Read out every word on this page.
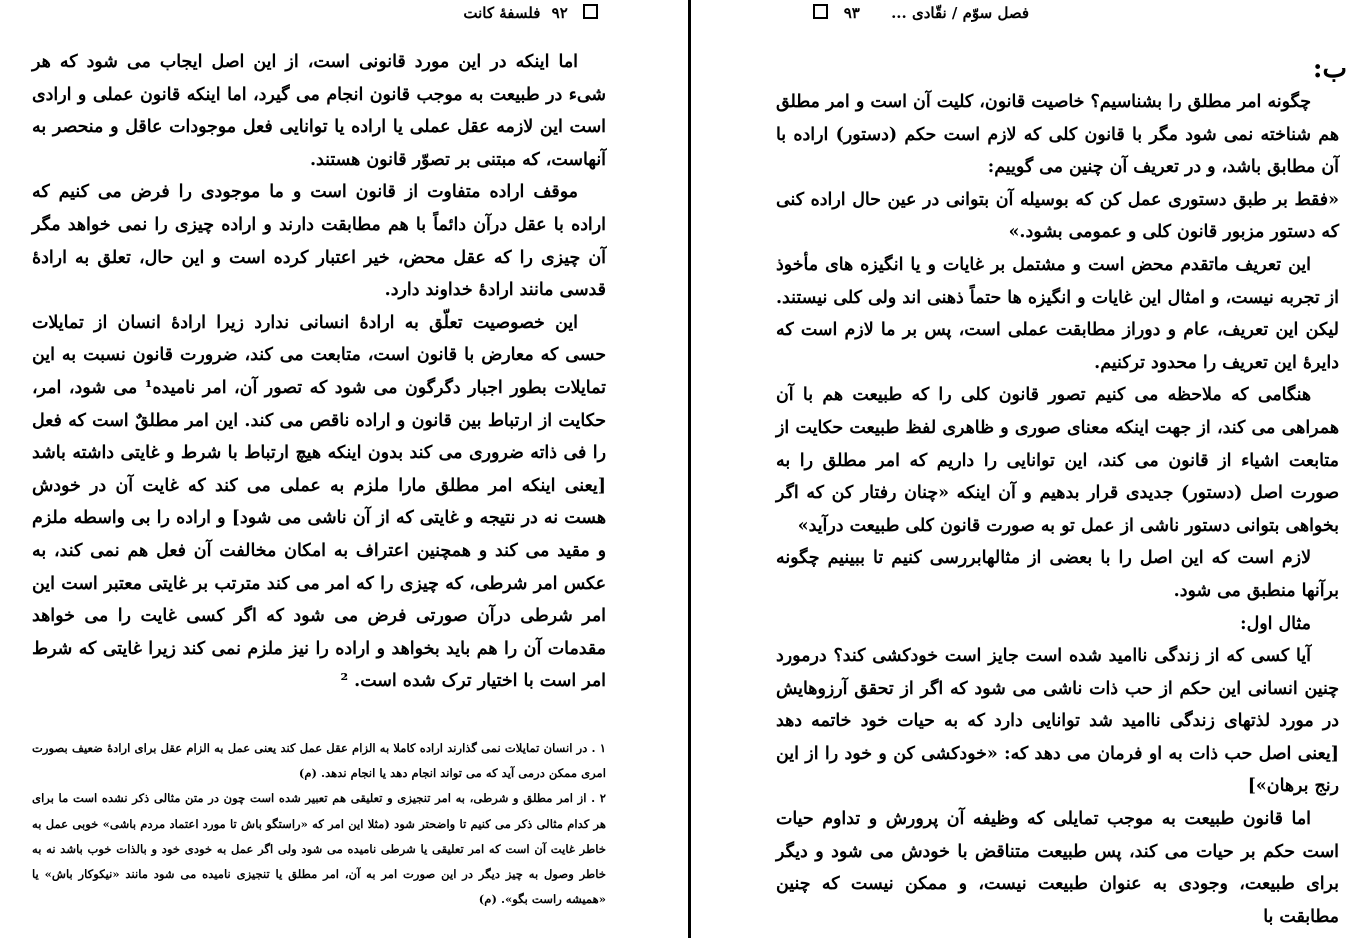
۹۲ فلسفهٔ کانت

اما اینکه در این مورد قانونی است، از این اصل ایجاب می شود که هر شیء در طبیعت به موجب قانون انجام می گیرد، اما اینکه قانون عملی و ارادی است این لازمه عقل عملی یا اراده یا توانایی فعل موجودات عاقل و منحصر به آنهاست، که مبتنی بر تصوّر قانون هستند.

موقف اراده متفاوت از قانون است و ما موجودی را فرض می کنیم که اراده با عقل درآن دائماً با هم مطابقت دارند و اراده چیزی را نمی خواهد مگر آن چیزی را که عقل محض، خیر اعتبار کرده است و این حال، تعلق به ارادهٔ قدسی مانند ارادهٔ خداوند دارد.

این خصوصیت تعلّق به ارادهٔ انسانی ندارد زیرا ارادهٔ انسان از تمایلات حسی که معارض با قانون است، متابعت می کند، ضرورت قانون نسبت به این تمایلات بطور اجبار دگرگون می شود که تصور آن، امر نامیده¹ می شود، امر، حکایت از ارتباط بین قانون و اراده ناقص می کند. این امر مطلقٌ است که فعل را فی ذاته ضروری می کند بدون اینکه هیچ ارتباط با شرط و غایتی داشته باشد [یعنی اینکه امر مطلق مارا ملزم به عملی می کند که غایت آن در خودش هست نه در نتیجه و غایتی که از آن ناشی می شود] و اراده را بی واسطه ملزم و مقید می کند و همچنین اعتراف به امکان مخالفت آن فعل هم نمی کند، به عکس امر شرطی، که چیزی را که امر می کند مترتب بر غایتی معتبر است این امر شرطی درآن صورتی فرض می شود که اگر کسی غایت را می خواهد مقدمات آن را هم باید بخواهد و اراده را نیز ملزم نمی کند زیرا غایتی که شرط امر است با اختیار ترک شده است. ²

۱ . در انسان تمایلات نمی گذارند اراده کاملا به الزام عقل عمل کند یعنی عمل به الزام عقل برای ارادهٔ ضعیف بصورت امری ممکن درمی آید که می تواند انجام دهد یا انجام ندهد. (م)

۲ . از امر مطلق و شرطی، به امر تنجیزی و تعلیقی هم تعبیر شده است چون در متن مثالی ذکر نشده است ما برای هر کدام مثالی ذکر می کنیم تا واضحتر شود (مثلا این امر که «راستگو باش تا مورد اعتماد مردم باشی» خوبی عمل به خاطر غایت آن است که امر تعلیقی یا شرطی نامیده می شود ولی اگر عمل به خودی خود و بالذات خوب باشد نه به خاطر وصول به چیز دیگر در این صورت امر به آن، امر مطلق یا تنجیزی نامیده می شود مانند «نیکوکار باش» یا «همیشه راست بگو». (م)

فصل سوّم / نقّادی ... ۹۳
ب:

چگونه امر مطلق را بشناسیم؟ خاصیت قانون، کلیت آن است و امر مطلق هم شناخته نمی شود مگر با قانون کلی که لازم است حکم (دستور) اراده با آن مطابق باشد، و در تعریف آن چنین می گوییم:

«فقط بر طبق دستوری عمل کن که بوسیله آن بتوانی در عین حال اراده کنی که دستور مزبور قانون کلی و عمومی بشود.»

این تعریف ماتقدم محض است و مشتمل بر غایات و یا انگیزه های مأخوذ از تجربه نیست، و امثال این غایات و انگیزه ها حتماً ذهنی اند ولی کلی نیستند. لیکن این تعریف، عام و دوراز مطابقت عملی است، پس بر ما لازم است که دایرهٔ این تعریف را محدود ترکنیم.

هنگامی که ملاحظه می کنیم تصور قانون کلی را که طبیعت هم با آن همراهی می کند، از جهت اینکه معنای صوری و ظاهری لفظ طبیعت حکایت از متابعت اشیاء از قانون می کند، این توانایی را داریم که امر مطلق را به صورت اصل (دستور) جدیدی قرار بدهیم و آن اینکه «چنان رفتار کن که اگر بخواهی بتوانی دستور ناشی از عمل تو به صورت قانون کلی طبیعت درآید»

لازم است که این اصل را با بعضی از مثالهابررسی کنیم تا ببینیم چگونه برآنها منطبق می شود.

مثال اول:

آیا کسی که از زندگی ناامید شده است جایز است خودکشی کند؟ درمورد چنین انسانی این حکم از حب ذات ناشی می شود که اگر از تحقق آرزوهایش در مورد لذتهای زندگی ناامید شد توانایی دارد که به حیات خود خاتمه دهد [یعنی اصل حب ذات به او فرمان می دهد که: «خودکشی کن و خود را از این رنج برهان»]

اما قانون طبیعت به موجب تمایلی که وظیفه آن پرورش و تداوم حیات است حکم بر حیات می کند، پس طبیعت متناقض با خودش می شود و دیگر برای طبیعت، وجودی به عنوان طبیعت نیست، و ممکن نیست که چنین مطابقت با
